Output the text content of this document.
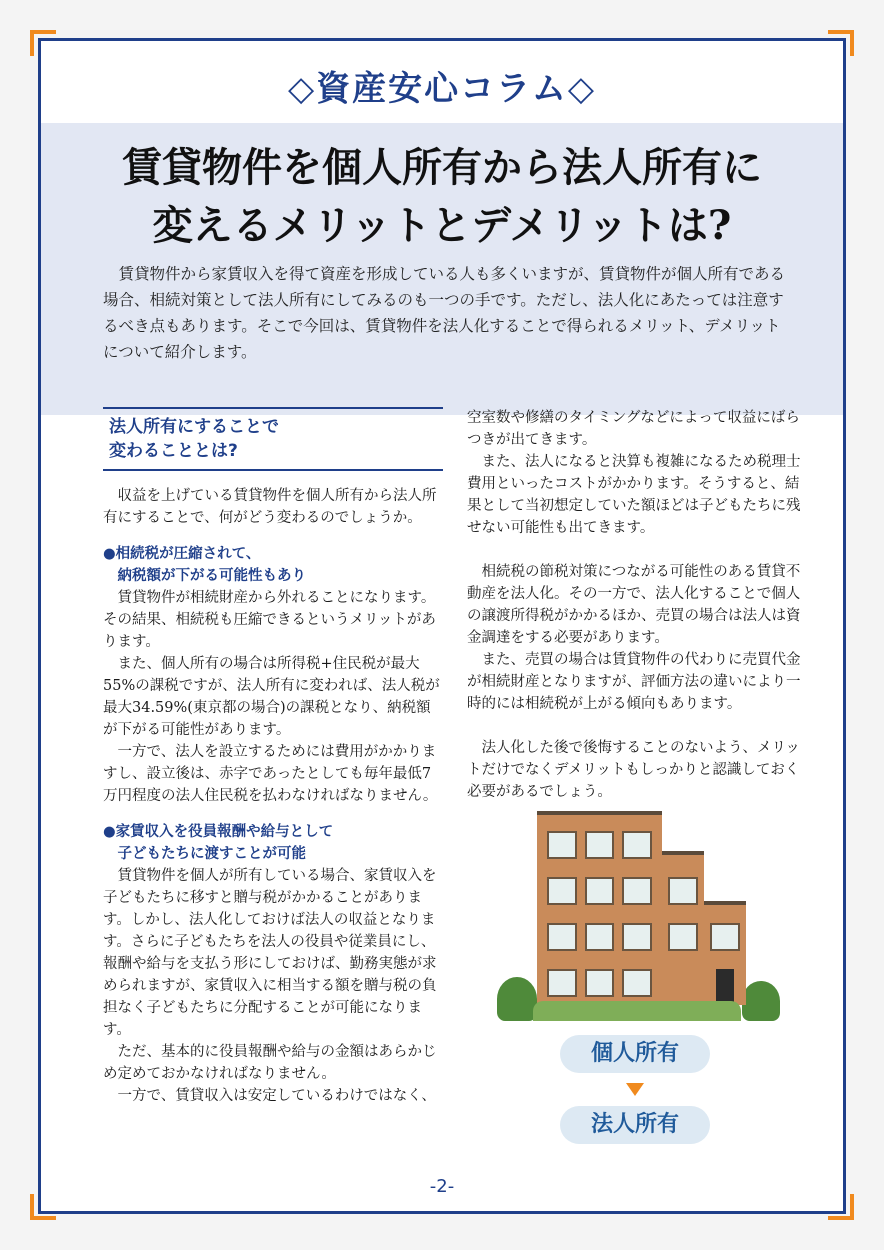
◇資産安心コラム◇
賃貸物件を個人所有から法人所有に
変えるメリットとデメリットは?
賃貸物件から家賃収入を得て資産を形成している人も多くいますが、賃貸物件が個人所有である場合、相続対策として法人所有にしてみるのも一つの手です。ただし、法人化にあたっては注意するべき点もあります。そこで今回は、賃貸物件を法人化することで得られるメリット、デメリットについて紹介します。
法人所有にすることで
変わることとは?

収益を上げている賃貸物件を個人所有から法人所有にすることで、何がどう変わるのでしょうか。

●相続税が圧縮されて、
納税額が下がる可能性もあり

賃貸物件が相続財産から外れることになります。その結果、相続税も圧縮できるというメリットがあります。

また、個人所有の場合は所得税+住民税が最大55%の課税ですが、法人所有に変われば、法人税が最大34.59%(東京都の場合)の課税となり、納税額が下がる可能性があります。

一方で、法人を設立するためには費用がかかりますし、設立後は、赤字であったとしても毎年最低7万円程度の法人住民税を払わなければなりません。

●家賃収入を役員報酬や給与として
子どもたちに渡すことが可能

賃貸物件を個人が所有している場合、家賃収入を子どもたちに移すと贈与税がかかることがあります。しかし、法人化しておけば法人の収益となります。さらに子どもたちを法人の役員や従業員にし、報酬や給与を支払う形にしておけば、勤務実態が求められますが、家賃収入に相当する額を贈与税の負担なく子どもたちに分配することが可能になります。

ただ、基本的に役員報酬や給与の金額はあらかじめ定めておかなければなりません。

一方で、賃貸収入は安定しているわけではなく、

空室数や修繕のタイミングなどによって収益にばらつきが出てきます。

また、法人になると決算も複雑になるため税理士費用といったコストがかかります。そうすると、結果として当初想定していた額ほどは子どもたちに残せない可能性も出てきます。

相続税の節税対策につながる可能性のある賃貸不動産を法人化。その一方で、法人化することで個人の譲渡所得税がかかるほか、売買の場合は法人は資金調達をする必要があります。

また、売買の場合は賃貸物件の代わりに売買代金が相続財産となりますが、評価方法の違いにより一時的には相続税が上がる傾向もあります。

法人化した後で後悔することのないよう、メリットだけでなくデメリットもしっかりと認識しておく必要があるでしょう。

個人所有
法人所有
-2-
